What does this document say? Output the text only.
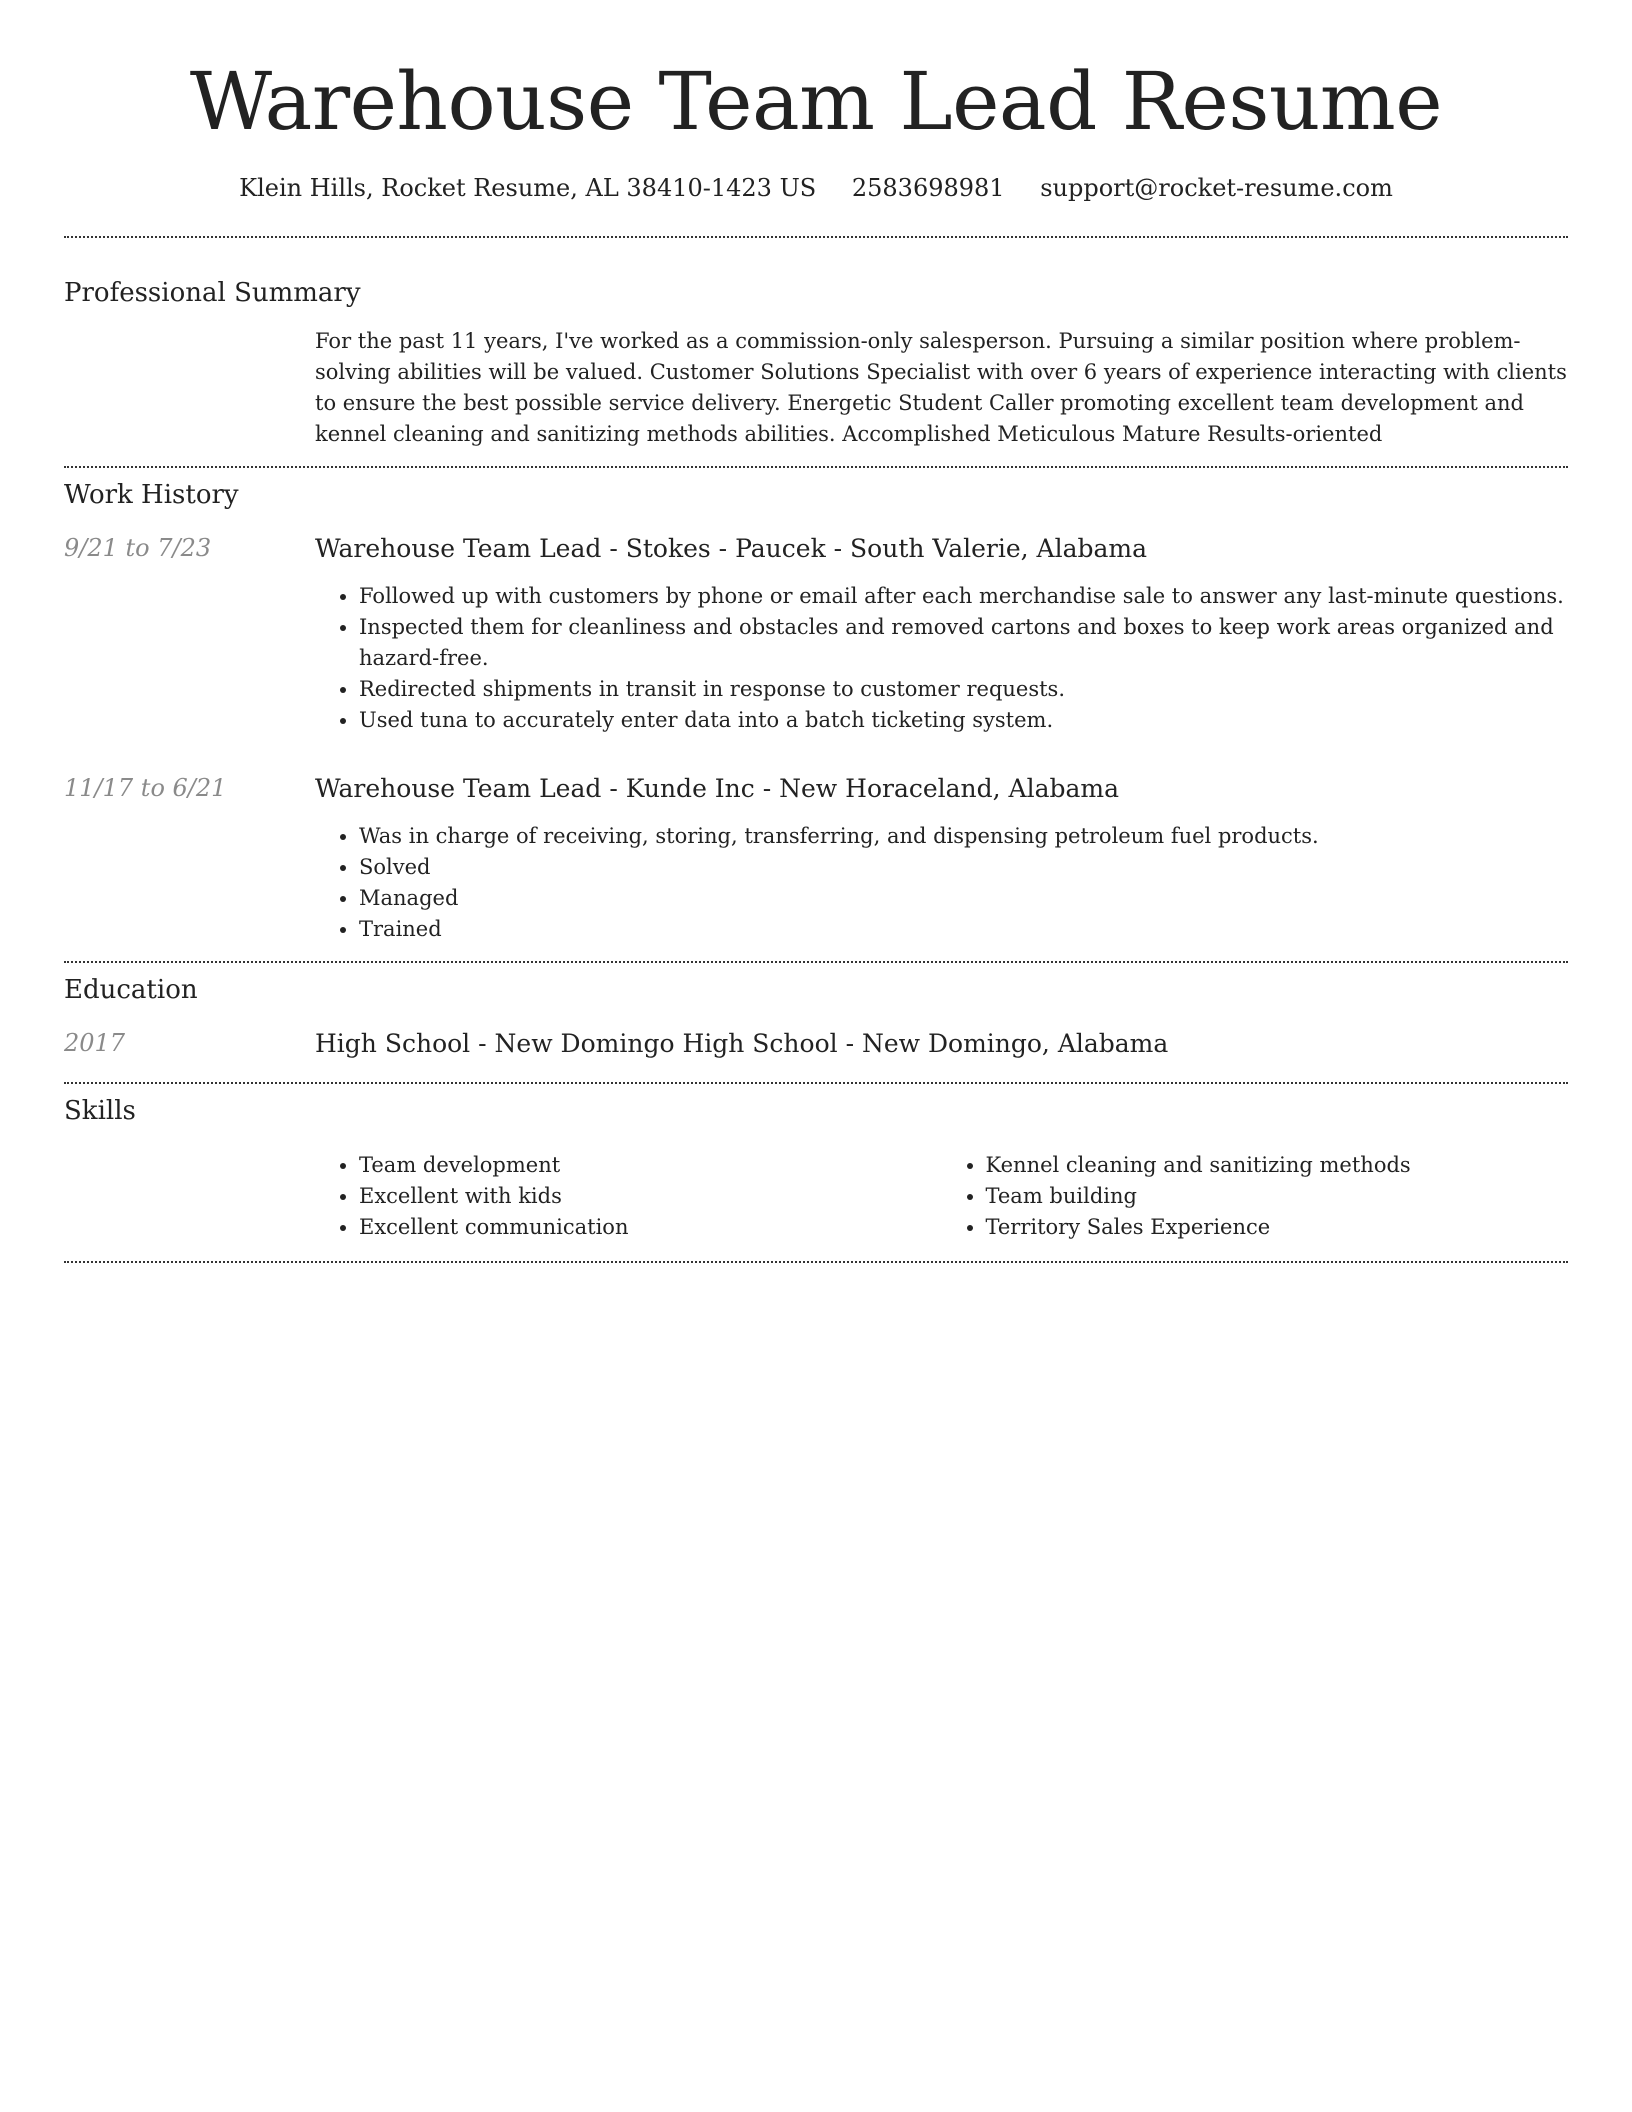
Warehouse Team Lead Resume
Klein Hills, Rocket Resume, AL 38410-1423 US 2583698981 support@rocket-resume.com
Professional Summary

For the past 11 years, I've worked as a commission-only salesperson. Pursuing a similar position where problem-solving abilities will be valued. Customer Solutions Specialist with over 6 years of experience interacting with clients to ensure the best possible service delivery. Energetic Student Caller promoting excellent team development and kennel cleaning and sanitizing methods abilities. Accomplished Meticulous Mature Results-oriented

Work History
9/21 to 7/23	Warehouse Team Lead - Stokes - Paucek - South Valerie, Alabama

• Followed up with customers by phone or email after each merchandise sale to answer any last-minute questions.
• Inspected them for cleanliness and obstacles and removed cartons and boxes to keep work areas organized and hazard-free.
• Redirected shipments in transit in response to customer requests.
• Used tuna to accurately enter data into a batch ticketing system.
11/17 to 6/21	Warehouse Team Lead - Kunde Inc - New Horaceland, Alabama

• Was in charge of receiving, storing, transferring, and dispensing petroleum fuel products.
• Solved
• Managed
• Trained
Education
2017	High School - New Domingo High School - New Domingo, Alabama

Skills
• Team development
• Excellent with kids
• Excellent communication
• Kennel cleaning and sanitizing methods
• Team building
• Territory Sales Experience
